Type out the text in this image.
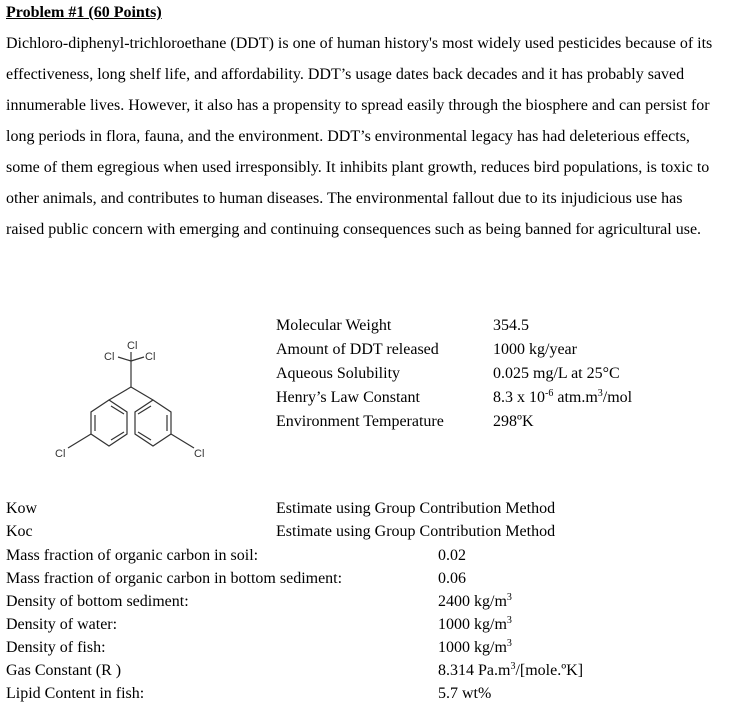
Problem #1 (60 Points)

Dichloro-diphenyl-trichloroethane (DDT) is one of human history's most widely used pesticides because of its effectiveness, long shelf life, and affordability. DDT’s usage dates back decades and it has probably saved innumerable lives. However, it also has a propensity to spread easily through the biosphere and can persist for long periods in flora, fauna, and the environment. DDT’s environmental legacy has had deleterious effects, some of them egregious when used irresponsibly. It inhibits plant growth, reduces bird populations, is toxic to other animals, and contributes to human diseases. The environmental fallout due to its injudicious use has raised public concern with emerging and continuing consequences such as being banned for agricultural use.

Cl
Cl	Cl
Cl	Cl
Molecular Weight	354.5
Amount of DDT released	1000 kg/year
Aqueous Solubility	0.025 mg/L at 25°C
Henry’s Law Constant	8.3 x $10^{-6}$ $atm.m^3$/mol
Environment Temperature	298ºK
Kow	Estimate using Group Contribution Method
Koc	Estimate using Group Contribution Method
Mass fraction of organic carbon in soil:	0.02
Mass fraction of organic carbon in bottom sediment:	0.06
Density of bottom sediment:	2400 $kg/m^3$
Density of water:	1000 $kg/m^3$
Density of fish:	1000 $kg/m^3$
Gas Constant (R )	8.314 $Pa.m^3/[mole.ºK]$
Lipid Content in fish:	5.7 wt%
